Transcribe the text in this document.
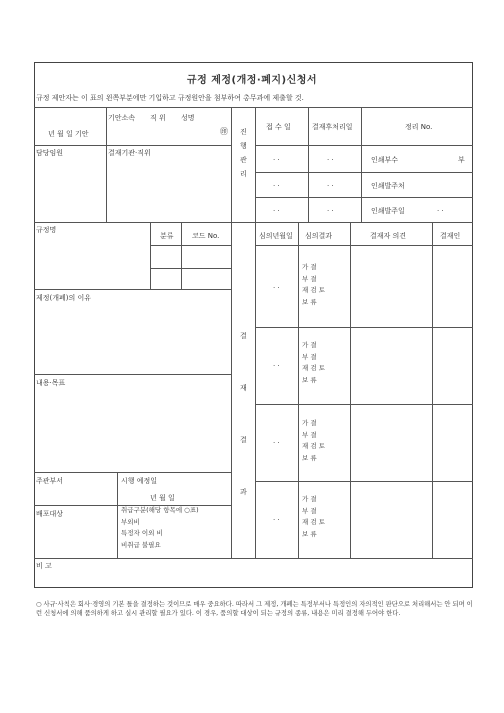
규정 제정(개정·폐지)신청서
규정 제안자는 이 표의 왼쪽부분에만 기입하고 규정원안을 첨부하여 총무과에 제출할 것.
기안소속 직 위 성명
㊞
년 월 일 기안
담당임원	결재기관·직위
진
행
관
리
접 수 일	결재후처리일	정리 No.
· ·	· ·	인쇄부수	부
· ·	· ·	인쇄발주처
· ·	· ·	인쇄발주일	· ·
규정명
분류	코드 No.
제정(개폐)의 이유
내용·목표
주관부서	시행 예정일
년 월 일
배포대상	취급구분(해당 항목에 ○표)
부외비
특정자 이외 비
비취급 불필요
결
재
결
과
심의년월일 심의결과	결재자 의견	결재인
· ·
가 결
부 결
재 검 토
보 류
· ·
가 결
부 결
재 검 토
보 류
· ·
가 결
부 결
재 검 토
보 류
· ·
가 결
부 결
재 검 토
보 류
비 고
○ 사규·사칙은 회사·경영의 기본 틀을 결정하는 것이므로 매우 중요하다. 따라서 그 제정, 개폐는 특정부서나 특정인의 자의적인 판단으로 처리해서는 안 되며 이런 신청서에 의해 품의하게 하고 실시 관리할 필요가 있다. 이 경우, 품의할 대상이 되는 규정의 종류, 내용은 미리 결정해 두어야 한다.
